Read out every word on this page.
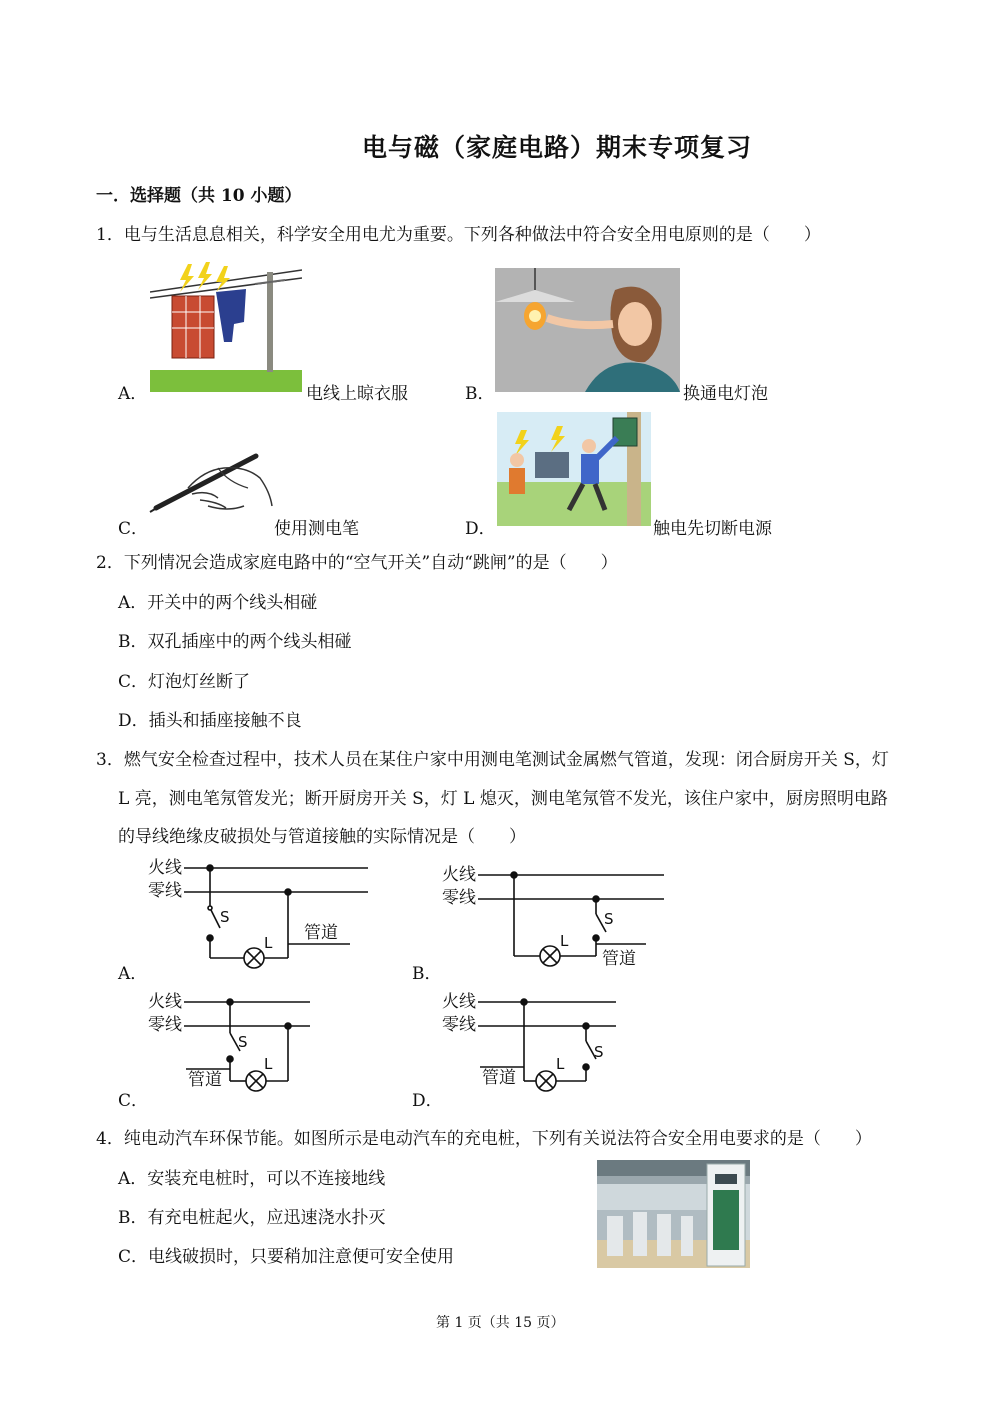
电与磁（家庭电路）期末专项复习
一．选择题（共 10 小题）
1．电与生活息息相关，科学安全用电尤为重要。下列各种做法中符合安全用电原则的是（　　）
A．	电线上晾衣服	B．	换通电灯泡
C．	使用测电笔	D．	触电先切断电源
2．下列情况会造成家庭电路中的“空气开关”自动“跳闸”的是（　　）
A．开关中的两个线头相碰
B．双孔插座中的两个线头相碰
C．灯泡灯丝断了
D．插头和插座接触不良
3．燃气安全检查过程中，技术人员在某住户家中用测电笔测试金属燃气管道，发现：闭合厨房开关 S，灯
L 亮，测电笔氖管发光；断开厨房开关 S，灯 L 熄灭，测电笔氖管不发光，该住户家中，厨房照明电路
的导线绝缘皮破损处与管道接触的实际情况是（　　）
A．
火线
零线
S
L 管道
B．
火线
零线
L
S
管道
C．
火线
零线
S
L
管道
D．
火线
零线
L
S
管道
4．纯电动汽车环保节能。如图所示是电动汽车的充电桩，下列有关说法符合安全用电要求的是（　　）
A．安装充电桩时，可以不连接地线
B．有充电桩起火，应迅速浇水扑灭
C．电线破损时，只要稍加注意便可安全使用
第 1 页（共 15 页）
